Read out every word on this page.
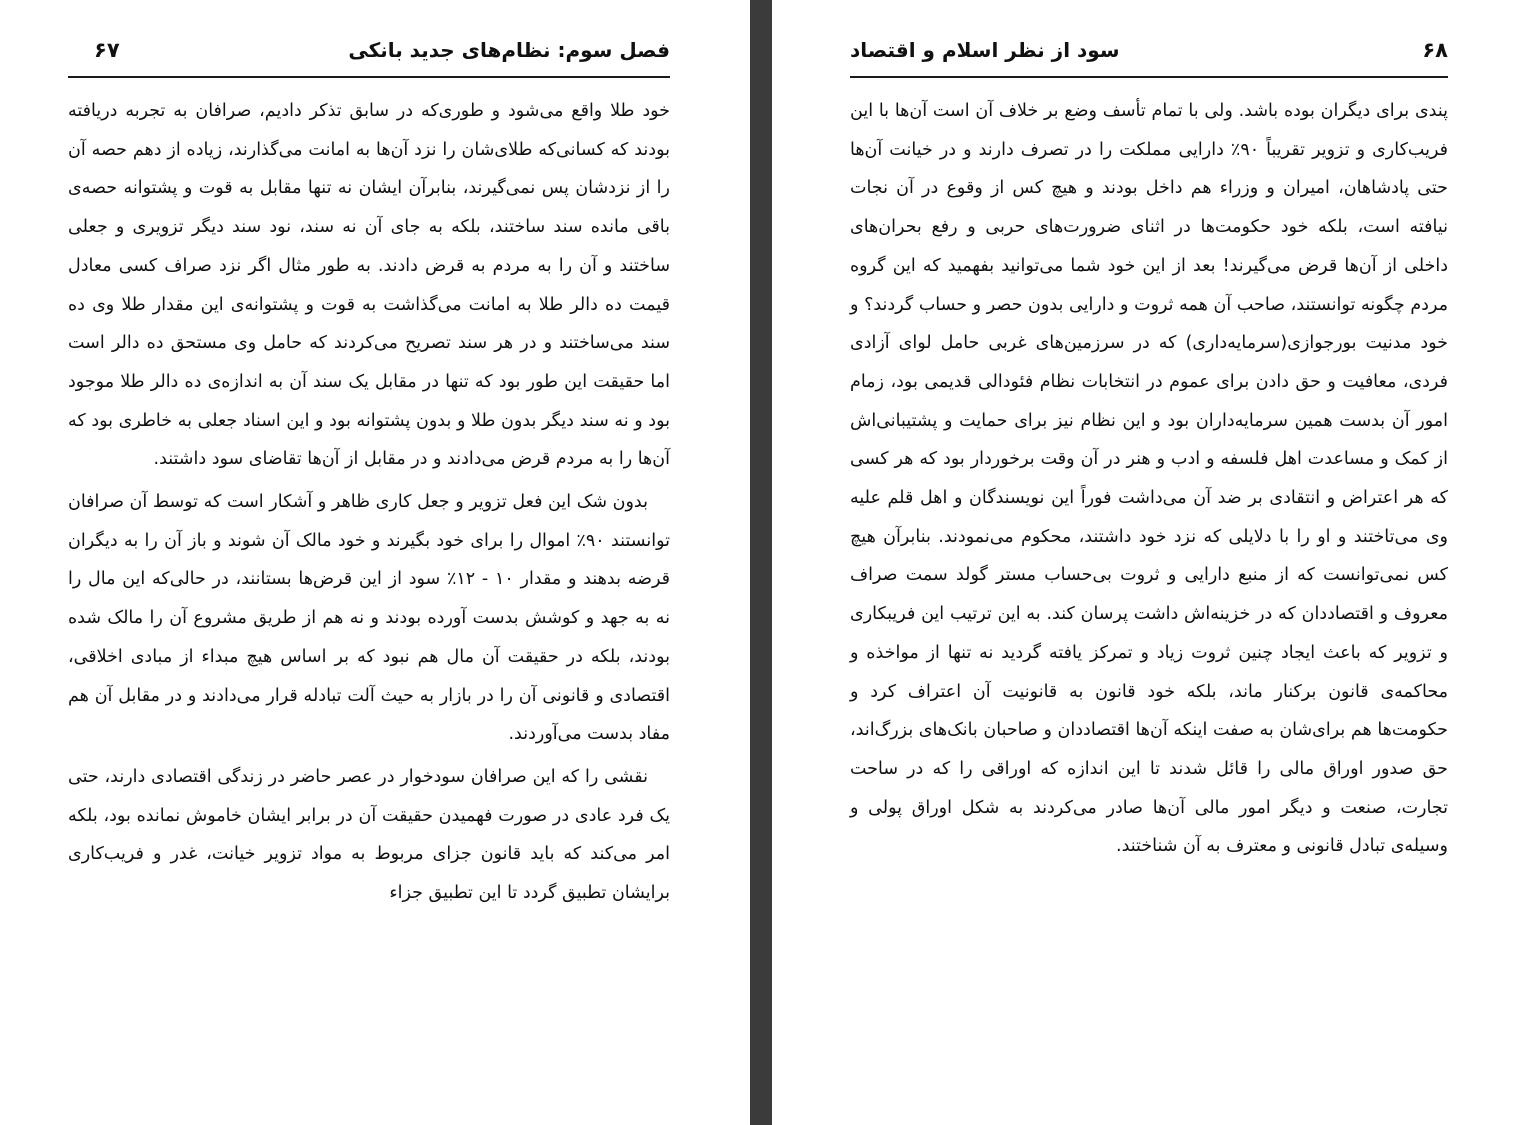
فصل سوم: نظام‌های جدید بانکی
۶۷

خود طلا واقع می‌شود و طوری‌که در سابق تذکر دادیم، صرافان به تجربه دریافته بودند که کسانی‌که طلای‌شان را نزد آن‌ها به امانت می‌گذارند، زیاده از دهم حصه آن را از نزدشان پس نمی‌گیرند، بنابرآن ایشان نه تنها مقابل به قوت و پشتوانه حصه‌ی باقی مانده سند ساختند، بلکه به جای آن نه سند، نود سند دیگر تزویری و جعلی ساختند و آن را به مردم به قرض دادند. به طور مثال اگر نزد صراف کسی معادل قیمت ده دالر طلا به امانت می‌گذاشت به قوت و پشتوانه‌ی این مقدار طلا وی ده سند می‌ساختند و در هر سند تصریح می‌کردند که حامل وی مستحق ده دالر است اما حقیقت این طور بود که تنها در مقابل یک سند آن به اندازه‌ی ده دالر طلا موجود بود و نه سند دیگر بدون طلا و بدون پشتوانه بود و این اسناد جعلی به خاطری بود که آن‌ها را به مردم قرض می‌دادند و در مقابل از آن‌ها تقاضای سود داشتند.

بدون شک این فعل تزویر و جعل کاری ظاهر و آشکار است که توسط آن صرافان توانستند ۹۰٪ اموال را برای خود بگیرند و خود مالک آن شوند و باز آن را به دیگران قرضه بدهند و مقدار ۱۰ - ۱۲٪ سود از این قرض‌ها بستانند، در حالی‌که این مال را نه به جهد و کوشش بدست آورده بودند و نه هم از طریق مشروع آن را مالک شده بودند، بلکه در حقیقت آن مال هم نبود که بر اساس هیچ مبداء از مبادی اخلاقی، اقتصادی و قانونی آن را در بازار به حیث آلت تبادله قرار می‌دادند و در مقابل آن هم مفاد بدست می‌آوردند.

نقشی را که این صرافان سودخوار در عصر حاضر در زندگی اقتصادی دارند، حتی یک فرد عادی در صورت فهمیدن حقیقت آن در برابر ایشان خاموش نمانده بود، بلکه امر می‌کند که باید قانون جزای مربوط به مواد تزویر خیانت، غدر و فریب‌کاری برایشان تطبیق گردد تا این تطبیق جزاء

سود از نظر اسلام و اقتصاد	۶۸

پندی برای دیگران بوده باشد. ولی با تمام تأسف وضع بر خلاف آن است آن‌ها با این فریب‌کاری و تزویر تقریباً ۹۰٪ دارایی مملکت را در تصرف دارند و در خیانت آن‌ها حتی پادشاهان، امیران و وزراء هم داخل بودند و هیچ کس از وقوع در آن نجات نیافته است، بلکه خود حکومت‌ها در اثنای ضرورت‌های حربی و رفع بحران‌های داخلی از آن‌ها قرض می‌گیرند! بعد از این خود شما می‌توانید بفهمید که این گروه مردم چگونه توانستند، صاحب آن همه ثروت و دارایی بدون حصر و حساب گردند؟ و خود مدنیت بورجوازی(سرمایه‌داری) که در سرزمین‌های غربی حامل لوای آزادی فردی، معافیت و حق دادن برای عموم در انتخابات نظام فئودالی قدیمی بود، زمام امور آن بدست همین سرمایه‌داران بود و این نظام نیز برای حمایت و پشتیبانی‌اش از کمک و مساعدت اهل فلسفه و ادب و هنر در آن وقت برخوردار بود که هر کسی که هر اعتراض و انتقادی بر ضد آن می‌داشت فوراً این نویسندگان و اهل قلم علیه وی می‌تاختند و او را با دلایلی که نزد خود داشتند، محکوم می‌نمودند. بنابرآن هیچ کس نمی‌توانست که از منبع دارایی و ثروت بی‌حساب مستر گولد سمت صراف معروف و اقتصاددان که در خزینه‌اش داشت پرسان کند. به این ترتیب این فریبکاری و تزویر که باعث ایجاد چنین ثروت زیاد و تمرکز یافته گردید نه تنها از مواخذه و محاکمه‌ی قانون برکنار ماند، بلکه خود قانون به قانونیت آن اعتراف کرد و حکومت‌ها هم برای‌شان به صفت اینکه آن‌ها اقتصاددان و صاحبان بانک‌های بزرگ‌اند، حق صدور اوراق مالی را قائل شدند تا این اندازه که اوراقی را که در ساحت تجارت، صنعت و دیگر امور مالی آن‌ها صادر می‌کردند به شکل اوراق پولی و وسیله‌ی تبادل قانونی و معترف به آن شناختند.
